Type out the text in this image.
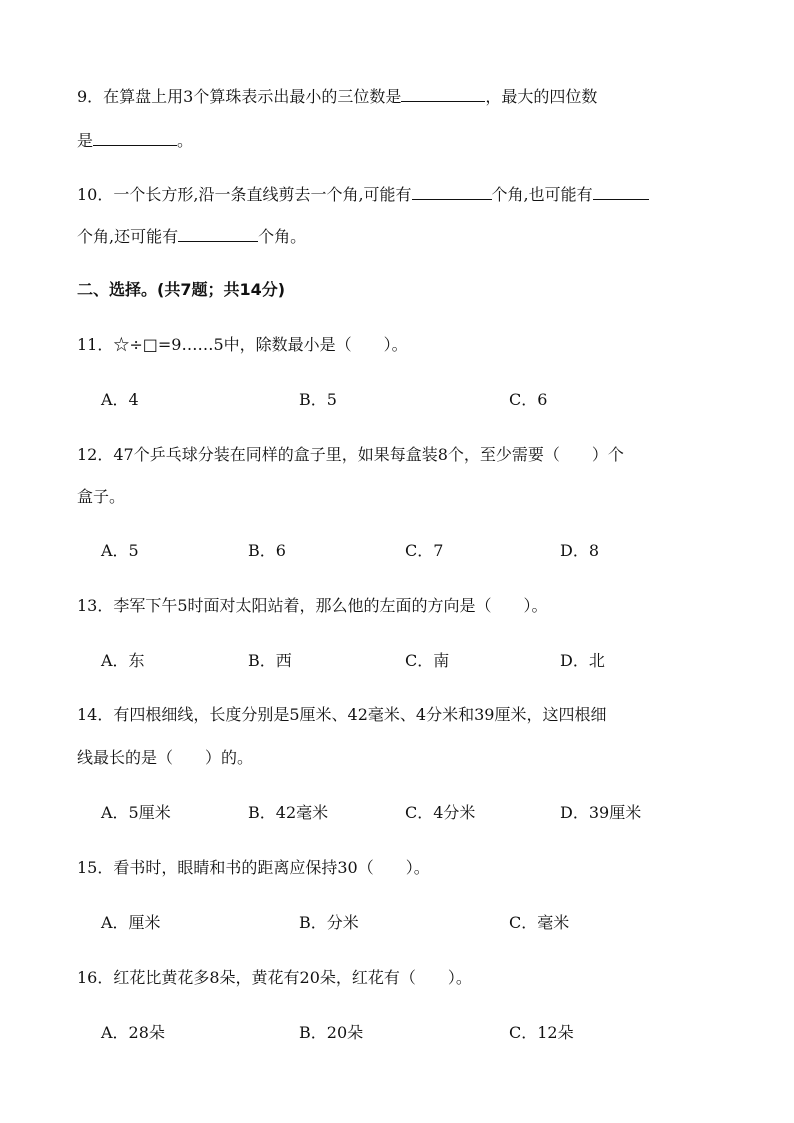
9．在算盘上用3个算珠表示出最小的三位数是	，最大的四位数
是	。
10．一个长方形,沿一条直线剪去一个角,可能有	个角,也可能有
个角,还可能有	个角。
二、选择。(共7题；共14分)
11．☆÷□=9……5中，除数最小是（　　）。
A．4	B．5	C．6
12．47个乒乓球分装在同样的盒子里，如果每盒装8个，至少需要（　　）个
盒子。
A．5	B．6	C．7	D．8
13．李军下午5时面对太阳站着，那么他的左面的方向是（　　）。
A．东	B．西	C．南	D．北
14．有四根细线，长度分别是5厘米、42毫米、4分米和39厘米，这四根细
线最长的是（　　）的。
A．5厘米	B．42毫米	C．4分米	D．39厘米
15．看书时，眼睛和书的距离应保持30（　　）。
A．厘米	B．分米	C．毫米
16．红花比黄花多8朵，黄花有20朵，红花有（　　）。
A．28朵	B．20朵	C．12朵
